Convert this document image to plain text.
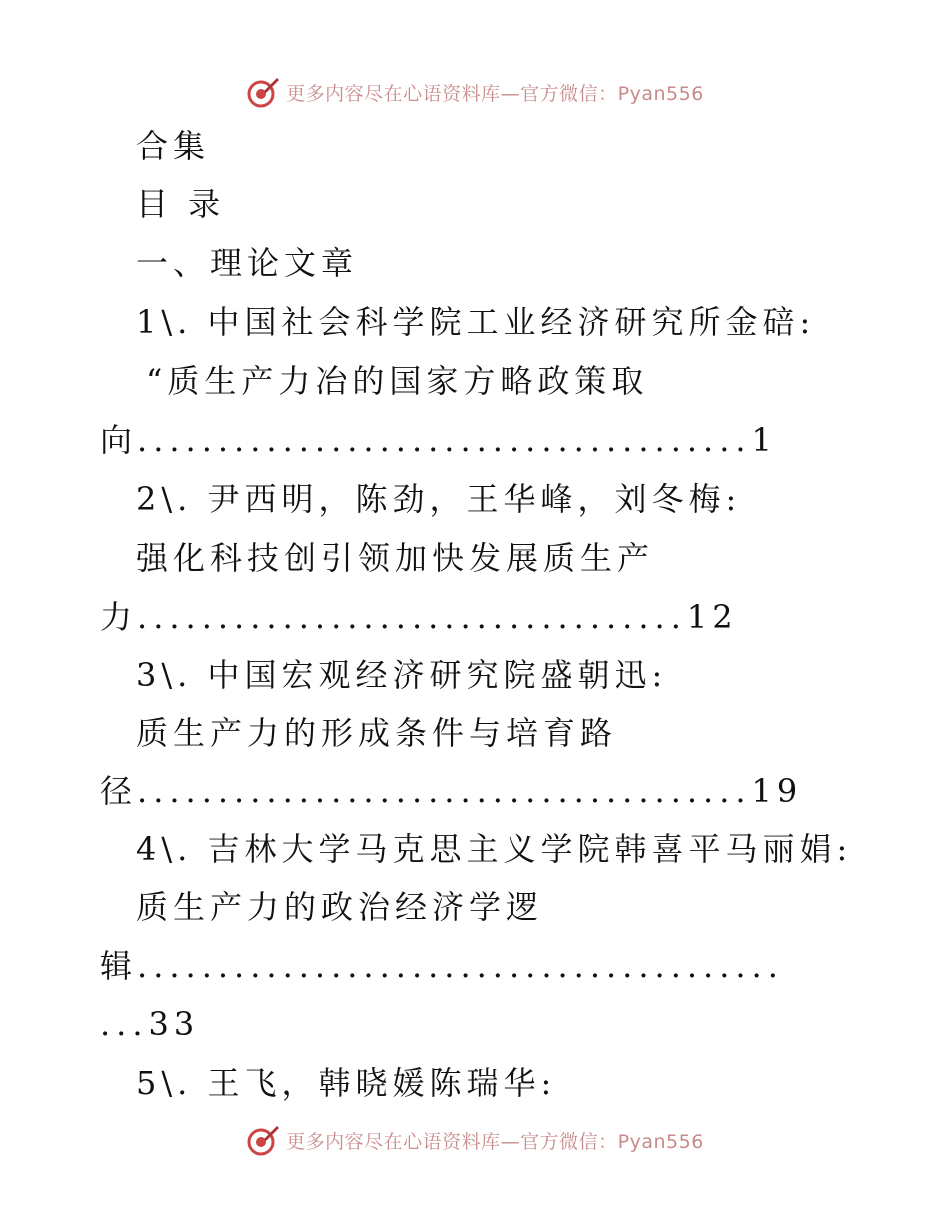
更多内容尽在心语资料库—官方微信：Pyan556
合集
目 录
一、理论文章
1\. 中国社会科学院工业经济研究所金碚:
“质生产力冶的国家方略政策取
向......................................1
2\. 尹西明，陈劲，王华峰，刘冬梅:
强化科技创引领加快发展质生产
力..................................12
3\. 中国宏观经济研究院盛朝迅:
质生产力的形成条件与培育路
径......................................19
4\. 吉林大学马克思主义学院韩喜平马丽娟:
质生产力的政治经济学逻
辑........................................
...33
5\. 王飞，韩晓媛陈瑞华:
更多内容尽在心语资料库—官方微信：Pyan556
